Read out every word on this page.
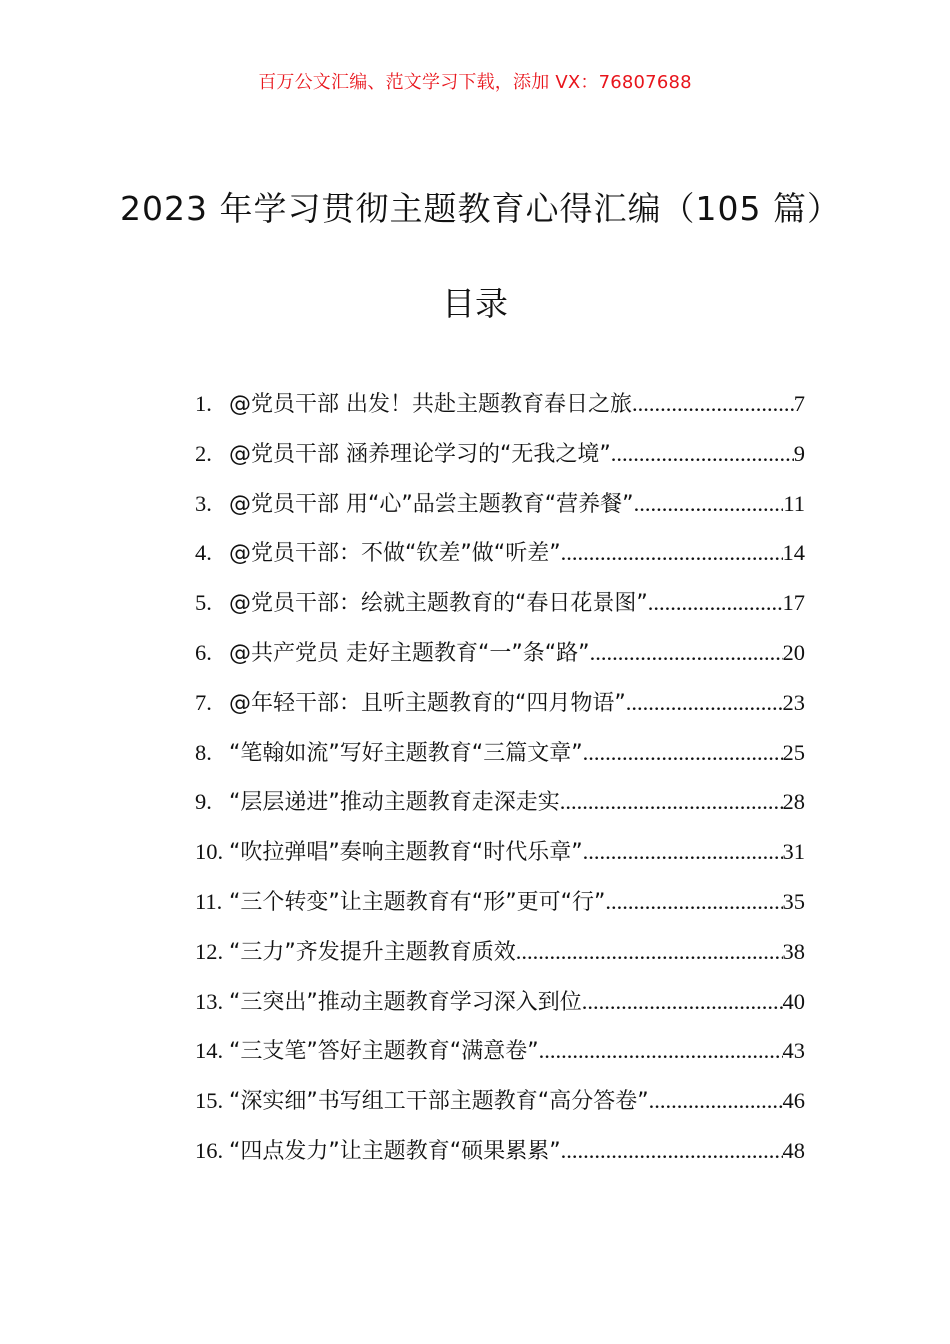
百万公文汇编、范文学习下载，添加 VX：76807688
2023 年学习贯彻主题教育心得汇编（105 篇）
目录
1. @党员干部 出发！共赴主题教育春日之旅 .....	7
2. @党员干部 涵养理论学习的“无我之境” .....	9
3. @党员干部 用“心”品尝主题教育“营养餐” .....	11
4. @党员干部：不做“钦差”做“听差” .....	14
5. @党员干部：绘就主题教育的“春日花景图” .....	17
6. @共产党员 走好主题教育“一”条“路” .....	20
7. @年轻干部：且听主题教育的“四月物语” .....	23
8. “笔翰如流”写好主题教育“三篇文章” .....	25
9. “层层递进”推动主题教育走深走实 .....	28
10. “吹拉弹唱”奏响主题教育“时代乐章” .....	31
11. “三个转变”让主题教育有“形”更可“行” .....	35
12. “三力”齐发提升主题教育质效 .....	38
13. “三突出”推动主题教育学习深入到位 .....	40
14. “三支笔”答好主题教育“满意卷” .....	43
15. “深实细”书写组工干部主题教育“高分答卷” .....	46
16. “四点发力”让主题教育“硕果累累” .....	48
